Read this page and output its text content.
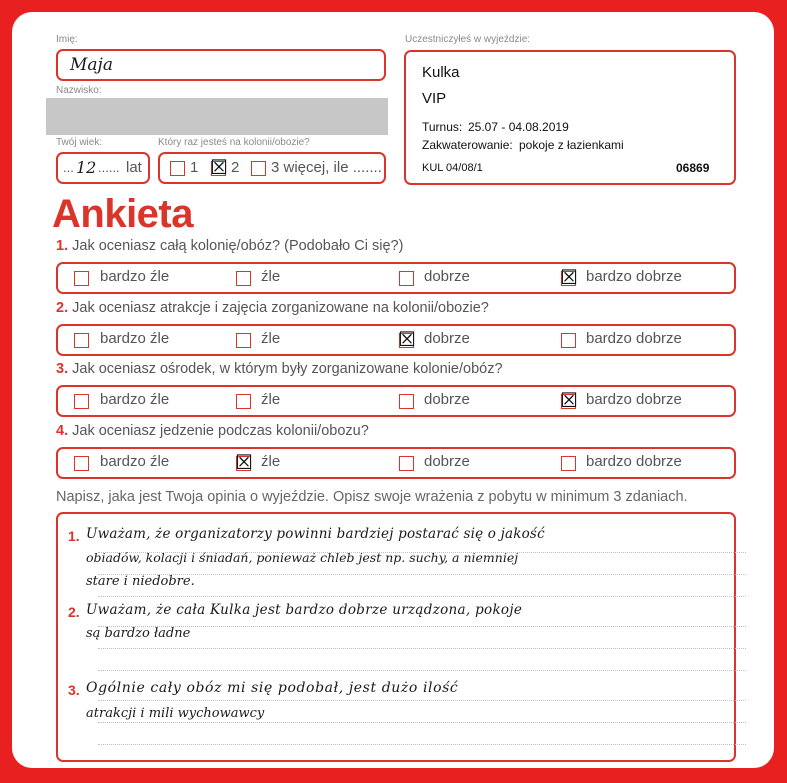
Imię:
Maja
Nazwisko:
Twój wiek:
... 12 ...... lat
Który raz jesteś na kolonii/obozie?
1 ☒ 2 3 więcej, ile .......
Uczestniczyłeś w wyjeździe:
Kulka
VIP
Turnus: 25.07 - 04.08.2019
Zakwaterowanie: pokoje z łazienkami
KUL 04/08/1	06869
Ankieta
1. Jak oceniasz całą kolonię/obóz? (Podobało Ci się?)
bardzo źle	źle	dobrze	☒ bardzo dobrze
2. Jak oceniasz atrakcje i zajęcia zorganizowane na kolonii/obozie?
bardzo źle	źle	☒ dobrze	bardzo dobrze
3. Jak oceniasz ośrodek, w którym były zorganizowane kolonie/obóz?
bardzo źle	źle	dobrze	☒ bardzo dobrze
4. Jak oceniasz jedzenie podczas kolonii/obozu?
bardzo źle	☒ źle	dobrze	bardzo dobrze
Napisz, jaka jest Twoja opinia o wyjeździe. Opisz swoje wrażenia z pobytu w minimum 3 zdaniach.
1. Uważam, że organizatorzy powinni bardziej postarać się o jakość
obiadów, kolacji i śniadań, ponieważ chleb jest np. suchy, a niemniej
stare i niedobre.
2. Uważam, że cała Kulka jest bardzo dobrze urządzona, pokoje
są bardzo ładne
3. Ogólnie cały obóz mi się podobał, jest dużo ilość
atrakcji i mili wychowawcy
